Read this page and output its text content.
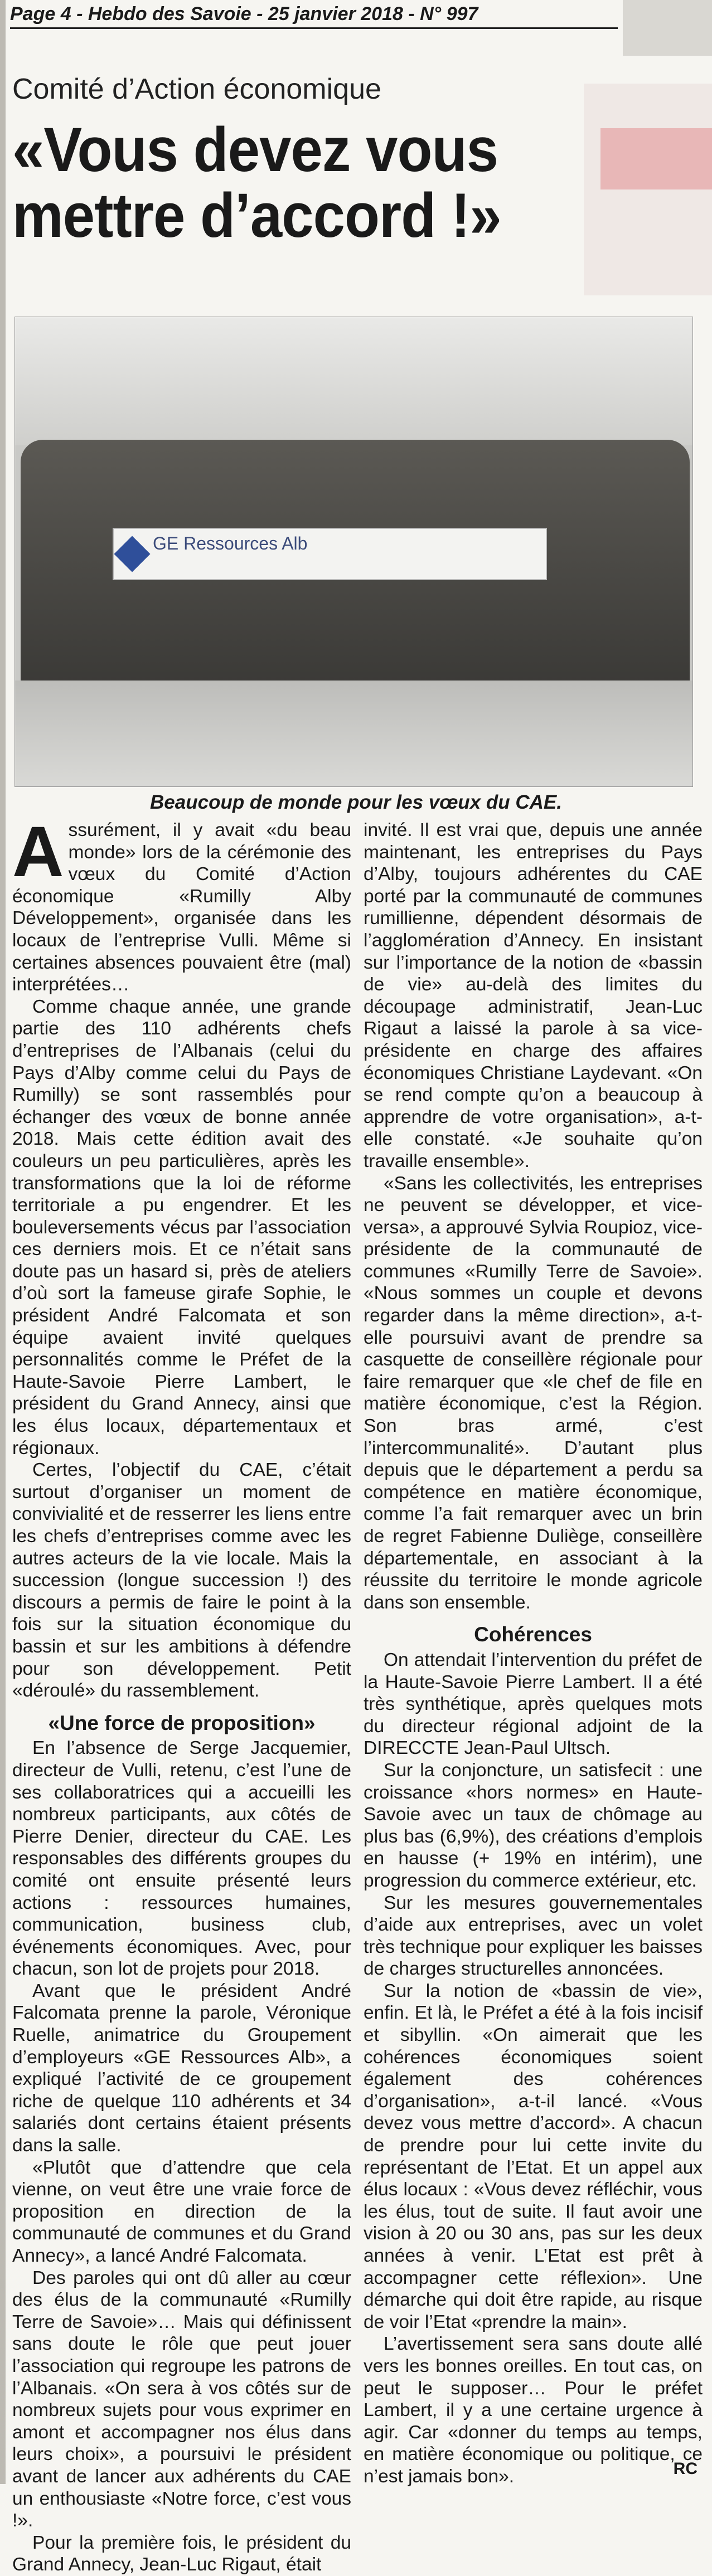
Page 4 - Hebdo des Savoie - 25 janvier 2018 - N° 997
Comité d’Action économique
«Vous devez vous mettre d’accord !»
GE Ressources Alb
Beaucoup de monde pour les vœux du CAE.

Assurément, il y avait «du beau monde» lors de la cérémonie des vœux du Comité d’Action économique «Rumilly Alby Développement», organisée dans les locaux de l’entreprise Vulli. Même si certaines absences pouvaient être (mal) interprétées…

Comme chaque année, une grande partie des 110 adhérents chefs d’entreprises de l’Albanais (celui du Pays d’Alby comme celui du Pays de Rumilly) se sont rassemblés pour échanger des vœux de bonne année 2018. Mais cette édition avait des couleurs un peu particulières, après les transformations que la loi de réforme territoriale a pu engendrer. Et les bouleversements vécus par l’association ces derniers mois. Et ce n’était sans doute pas un hasard si, près de ateliers d’où sort la fameuse girafe Sophie, le président André Falcomata et son équipe avaient invité quelques personnalités comme le Préfet de la Haute-Savoie Pierre Lambert, le président du Grand Annecy, ainsi que les élus locaux, départementaux et régionaux.

Certes, l’objectif du CAE, c’était surtout d’organiser un moment de convivialité et de resserrer les liens entre les chefs d’entreprises comme avec les autres acteurs de la vie locale. Mais la succession (longue succession !) des discours a permis de faire le point à la fois sur la situation économique du bassin et sur les ambitions à défendre pour son développement. Petit «déroulé» du rassemblement.

«Une force de proposition»

En l’absence de Serge Jacquemier, directeur de Vulli, retenu, c’est l’une de ses collaboratrices qui a accueilli les nombreux participants, aux côtés de Pierre Denier, directeur du CAE. Les responsables des différents groupes du comité ont ensuite présenté leurs actions : ressources humaines, communication, business club, événements économiques. Avec, pour chacun, son lot de projets pour 2018.

Avant que le président André Falcomata prenne la parole, Véronique Ruelle, animatrice du Groupement d’employeurs «GE Ressources Alb», a expliqué l’activité de ce groupement riche de quelque 110 adhérents et 34 salariés dont certains étaient présents dans la salle.

«Plutôt que d’attendre que cela vienne, on veut être une vraie force de proposition en direction de la communauté de communes et du Grand Annecy», a lancé André Falcomata.

Des paroles qui ont dû aller au cœur des élus de la communauté «Rumilly Terre de Savoie»… Mais qui définissent sans doute le rôle que peut jouer l’association qui regroupe les patrons de l’Albanais. «On sera à vos côtés sur de nombreux sujets pour vous exprimer en amont et accompagner nos élus dans leurs choix», a poursuivi le président avant de lancer aux adhérents du CAE un enthousiaste «Notre force, c’est vous !».

Pour la première fois, le président du Grand Annecy, Jean-Luc Rigaut, était

invité. Il est vrai que, depuis une année maintenant, les entreprises du Pays d’Alby, toujours adhérentes du CAE porté par la communauté de communes rumillienne, dépendent désormais de l’agglomération d’Annecy. En insistant sur l’importance de la notion de «bassin de vie» au-delà des limites du découpage administratif, Jean-Luc Rigaut a laissé la parole à sa vice-présidente en charge des affaires économiques Christiane Laydevant. «On se rend compte qu’on a beaucoup à apprendre de votre organisation», a-t-elle constaté. «Je souhaite qu’on travaille ensemble».

«Sans les collectivités, les entreprises ne peuvent se développer, et vice-versa», a approuvé Sylvia Roupioz, vice-présidente de la communauté de communes «Rumilly Terre de Savoie». «Nous sommes un couple et devons regarder dans la même direction», a-t-elle poursuivi avant de prendre sa casquette de conseillère régionale pour faire remarquer que «le chef de file en matière économique, c’est la Région. Son bras armé, c’est l’intercommunalité». D’autant plus depuis que le département a perdu sa compétence en matière économique, comme l’a fait remarquer avec un brin de regret Fabienne Duliège, conseillère départementale, en associant à la réussite du territoire le monde agricole dans son ensemble.

Cohérences

On attendait l’intervention du préfet de la Haute-Savoie Pierre Lambert. Il a été très synthétique, après quelques mots du directeur régional adjoint de la DIRECCTE Jean-Paul Ultsch.

Sur la conjoncture, un satisfecit : une croissance «hors normes» en Haute-Savoie avec un taux de chômage au plus bas (6,9%), des créations d’emplois en hausse (+ 19% en intérim), une progression du commerce extérieur, etc.

Sur les mesures gouvernementales d’aide aux entreprises, avec un volet très technique pour expliquer les baisses de charges structurelles annoncées.

Sur la notion de «bassin de vie», enfin. Et là, le Préfet a été à la fois incisif et sibyllin. «On aimerait que les cohérences économiques soient également des cohérences d’organisation», a-t-il lancé. «Vous devez vous mettre d’accord». A chacun de prendre pour lui cette invite du représentant de l’Etat. Et un appel aux élus locaux : «Vous devez réfléchir, vous les élus, tout de suite. Il faut avoir une vision à 20 ou 30 ans, pas sur les deux années à venir. L’Etat est prêt à accompagner cette réflexion». Une démarche qui doit être rapide, au risque de voir l’Etat «prendre la main».

L’avertissement sera sans doute allé vers les bonnes oreilles. En tout cas, on peut le supposer… Pour le préfet Lambert, il y a une certaine urgence à agir. Car «donner du temps au temps, en matière économique ou politique, ce n’est jamais bon».	RC
